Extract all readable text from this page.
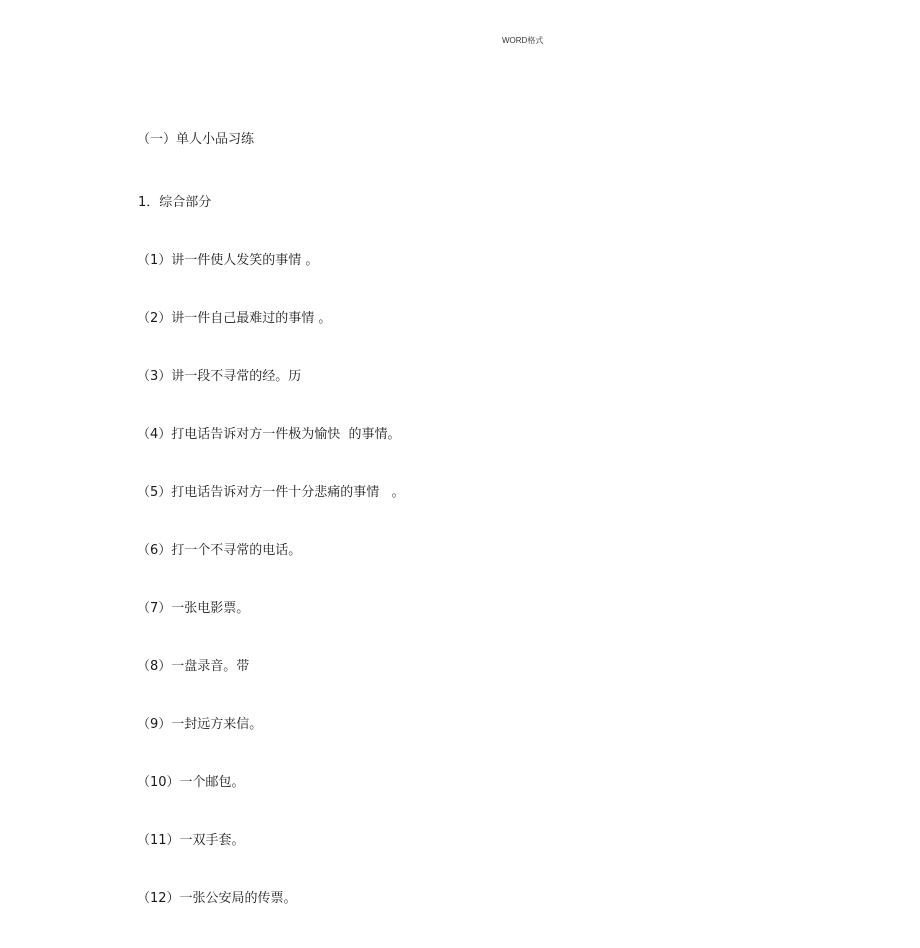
WORD格式
（一）单人小品习练
1．综合部分
（1）讲一件使人发笑的事情 。
（2）讲一件自己最难过的事情 。
（3）讲一段不寻常的经。历
（4）打电话告诉对方一件极为愉快  的事情。
（5）打电话告诉对方一件十分悲痛的事情   。
（6）打一个不寻常的电话。
（7）一张电影票。
（8）一盘录音。带
（9）一封远方来信。
（10）一个邮包。
（11）一双手套。
（12）一张公安局的传票。
